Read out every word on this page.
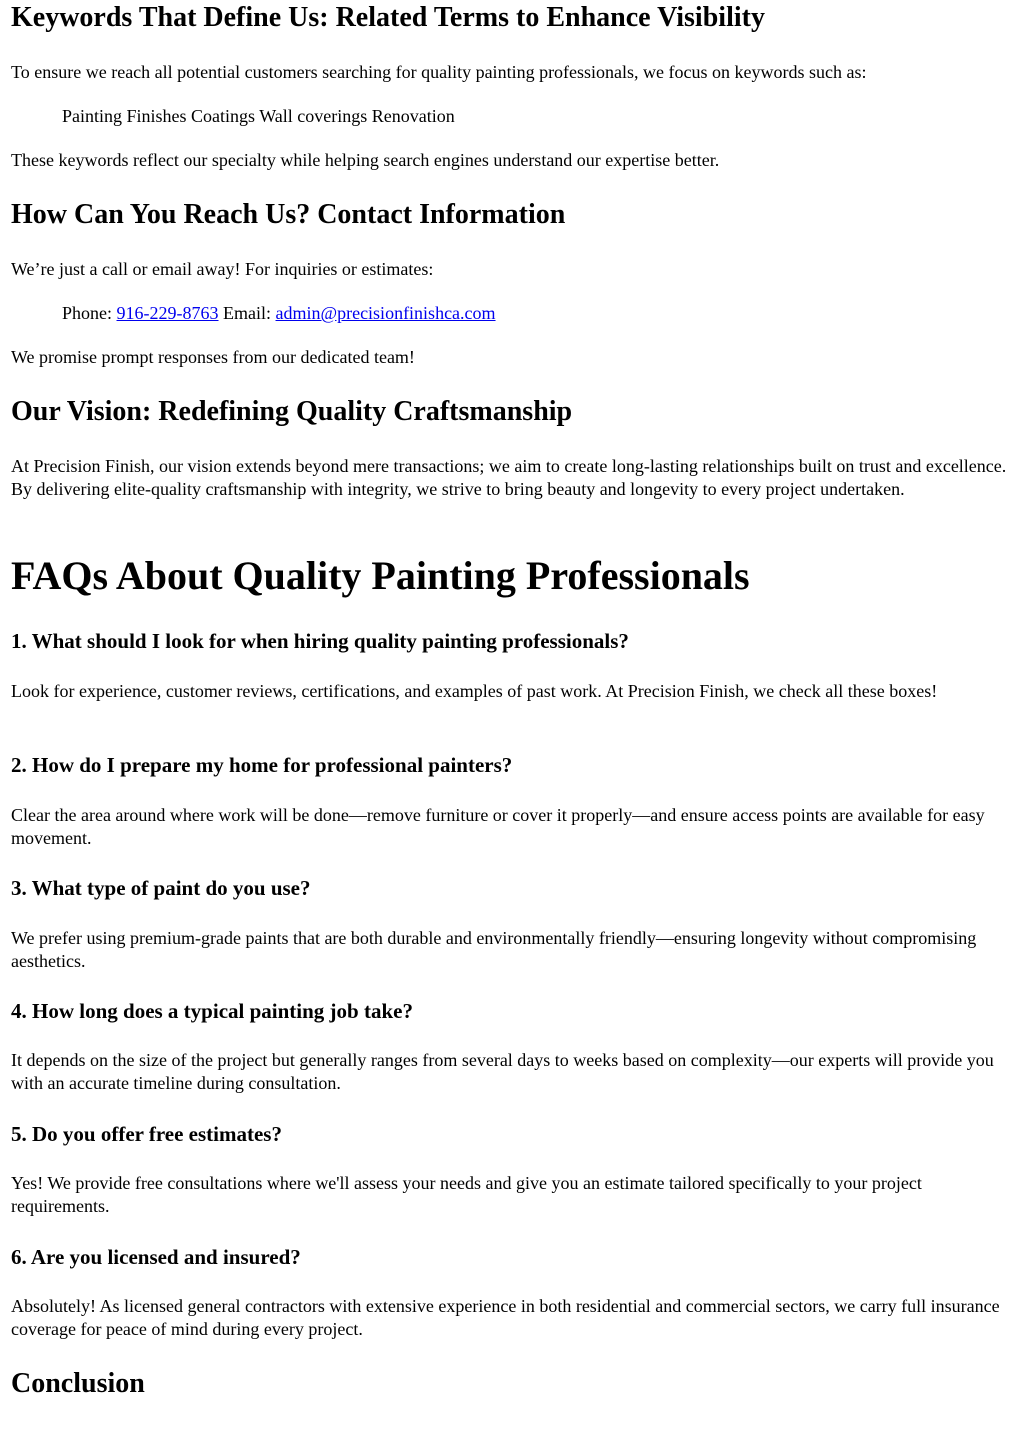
Keywords That Define Us: Related Terms to Enhance Visibility

To ensure we reach all potential customers searching for quality painting professionals, we focus on keywords such as:

Painting Finishes Coatings Wall coverings Renovation

These keywords reflect our specialty while helping search engines understand our expertise better.

How Can You Reach Us? Contact Information

We’re just a call or email away! For inquiries or estimates:

Phone: 916-229-8763 Email: admin@precisionfinishca.com

We promise prompt responses from our dedicated team!

Our Vision: Redefining Quality Craftsmanship

At Precision Finish, our vision extends beyond mere transactions; we aim to create long-lasting relationships built on trust and excellence. By delivering elite-quality craftsmanship with integrity, we strive to bring beauty and longevity to every project undertaken.

FAQs About Quality Painting Professionals
1. What should I look for when hiring quality painting professionals?

Look for experience, customer reviews, certifications, and examples of past work. At Precision Finish, we check all these boxes!

2. How do I prepare my home for professional painters?

Clear the area around where work will be done—remove furniture or cover it properly—and ensure access points are available for easy movement.

3. What type of paint do you use?

We prefer using premium-grade paints that are both durable and environmentally friendly—ensuring longevity without compromising aesthetics.

4. How long does a typical painting job take?

It depends on the size of the project but generally ranges from several days to weeks based on complexity—our experts will provide you with an accurate timeline during consultation.

5. Do you offer free estimates?

Yes! We provide free consultations where we'll assess your needs and give you an estimate tailored specifically to your project requirements.

6. Are you licensed and insured?

Absolutely! As licensed general contractors with extensive experience in both residential and commercial sectors, we carry full insurance coverage for peace of mind during every project.

Conclusion
